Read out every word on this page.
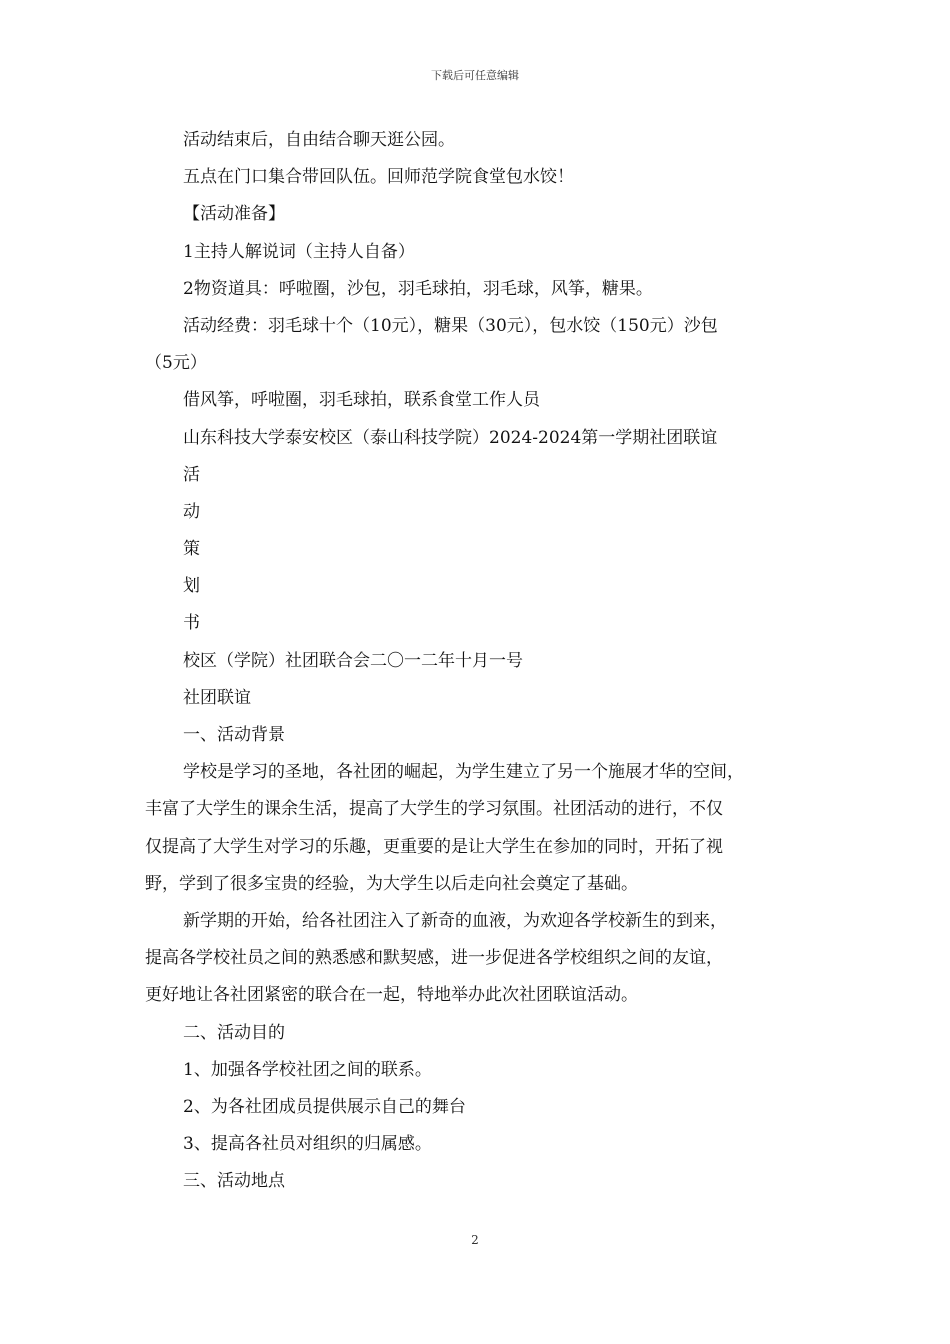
下载后可任意编辑
活动结束后，自由结合聊天逛公园。
五点在门口集合带回队伍。回师范学院食堂包水饺！
【活动准备】
1主持人解说词（主持人自备）
2物资道具：呼啦圈，沙包，羽毛球拍，羽毛球，风筝，糖果。
活动经费：羽毛球十个（10元），糖果（30元），包水饺（150元）沙包
（5元）
借风筝，呼啦圈，羽毛球拍，联系食堂工作人员
山东科技大学泰安校区（泰山科技学院）2024-2024第一学期社团联谊
活
动
策
划
书
校区（学院）社团联合会二〇一二年十月一号
社团联谊
一、活动背景
学校是学习的圣地，各社团的崛起，为学生建立了另一个施展才华的空间，
丰富了大学生的课余生活，提高了大学生的学习氛围。社团活动的进行，不仅
仅提高了大学生对学习的乐趣，更重要的是让大学生在参加的同时，开拓了视
野，学到了很多宝贵的经验，为大学生以后走向社会奠定了基础。
新学期的开始，给各社团注入了新奇的血液，为欢迎各学校新生的到来，
提高各学校社员之间的熟悉感和默契感，进一步促进各学校组织之间的友谊，
更好地让各社团紧密的联合在一起，特地举办此次社团联谊活动。
二、活动目的
1、加强各学校社团之间的联系。
2、为各社团成员提供展示自己的舞台
3、提高各社员对组织的归属感。
三、活动地点
2
